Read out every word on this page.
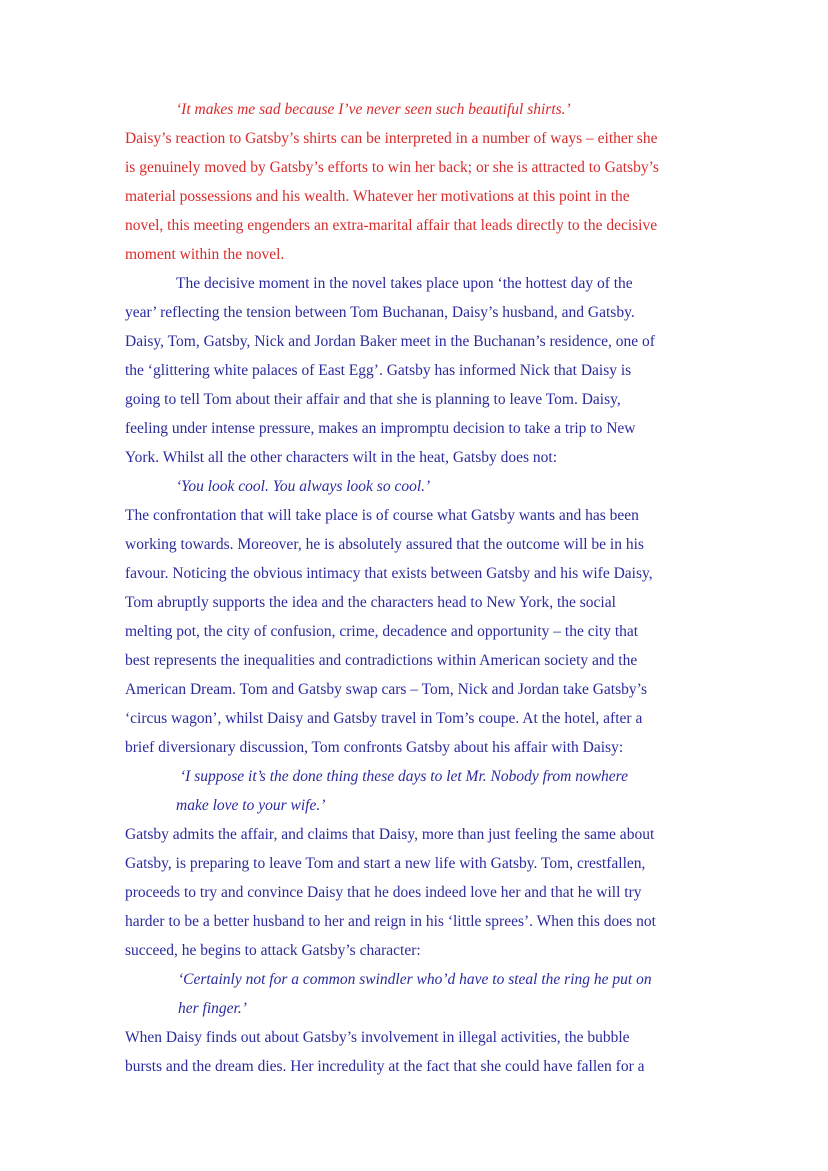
‘It makes me sad because I’ve never seen such beautiful shirts.’

Daisy’s reaction to Gatsby’s shirts can be interpreted in a number of ways – either she

is genuinely moved by Gatsby’s efforts to win her back; or she is attracted to Gatsby’s

material possessions and his wealth. Whatever her motivations at this point in the

novel, this meeting engenders an extra-marital affair that leads directly to the decisive

moment within the novel.

The decisive moment in the novel takes place upon ‘the hottest day of the

year’ reflecting the tension between Tom Buchanan, Daisy’s husband, and Gatsby.

Daisy, Tom, Gatsby, Nick and Jordan Baker meet in the Buchanan’s residence, one of

the ‘glittering white palaces of East Egg’. Gatsby has informed Nick that Daisy is

going to tell Tom about their affair and that she is planning to leave Tom. Daisy,

feeling under intense pressure, makes an impromptu decision to take a trip to New

York. Whilst all the other characters wilt in the heat, Gatsby does not:

‘You look cool. You always look so cool.’

The confrontation that will take place is of course what Gatsby wants and has been

working towards. Moreover, he is absolutely assured that the outcome will be in his

favour. Noticing the obvious intimacy that exists between Gatsby and his wife Daisy,

Tom abruptly supports the idea and the characters head to New York, the social

melting pot, the city of confusion, crime, decadence and opportunity – the city that

best represents the inequalities and contradictions within American society and the

American Dream. Tom and Gatsby swap cars – Tom, Nick and Jordan take Gatsby’s

‘circus wagon’, whilst Daisy and Gatsby travel in Tom’s coupe. At the hotel, after a

brief diversionary discussion, Tom confronts Gatsby about his affair with Daisy:

‘I suppose it’s the done thing these days to let Mr. Nobody from nowhere

make love to your wife.’

Gatsby admits the affair, and claims that Daisy, more than just feeling the same about

Gatsby, is preparing to leave Tom and start a new life with Gatsby. Tom, crestfallen,

proceeds to try and convince Daisy that he does indeed love her and that he will try

harder to be a better husband to her and reign in his ‘little sprees’. When this does not

succeed, he begins to attack Gatsby’s character:

‘Certainly not for a common swindler who’d have to steal the ring he put on

her finger.’

When Daisy finds out about Gatsby’s involvement in illegal activities, the bubble

bursts and the dream dies. Her incredulity at the fact that she could have fallen for a
